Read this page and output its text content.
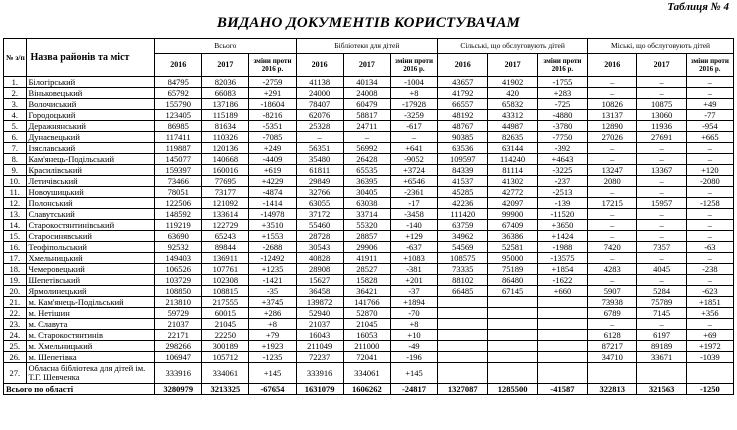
Таблиця № 4
ВИДАНО ДОКУМЕНТІВ КОРИСТУВАЧАМ
№ з/п	Назва районів та міст	Всього			Бібліотеки для дітей			Сільські, що обслуговують дітей			Міські, що обслуговують дітей		
		2016	2017	зміни проти 2016 р.	2016	2017	зміни проти 2016 р.	2016	2017	зміни проти 2016 р.	2016	2017	зміни проти 2016 р.
1.	Білогірський	84795	82036	-2759	41138	40134	-1004	43657	41902	-1755	–	–	–
2.	Віньковецький	65792	66083	+291	24000	24008	+8	41792	420	+283	–	–	–
3.	Волочиський	155790	137186	-18604	78407	60479	-17928	66557	65832	-725	10826	10875	+49
4.	Городоцький	123405	115189	-8216	62076	58817	-3259	48192	43312	-4880	13137	13060	-77
5.	Деражнянський	86985	81634	-5351	25328	24711	-617	48767	44987	-3780	12890	11936	-954
6.	Дунаєвецький	117411	110326	-7085	–	–	–	90385	82635	-7750	27026	27691	+665
7.	Ізяславський	119887	120136	+249	56351	56992	+641	63536	63144	-392	–	–	–
8.	Кам'янець-Подільський	145077	140668	-4409	35480	26428	-9052	109597	114240	+4643	–	–	–
9.	Красилівський	159397	160016	+619	61811	65535	+3724	84339	81114	-3225	13247	13367	+120
10.	Летичівський	73466	77695	+4229	29849	36395	+6546	41537	41302	-237	2080	–	-2080
11.	Новоушицький	78051	73177	-4874	32766	30405	-2361	45285	42772	-2513	–	–	–
12.	Полонський	122506	121092	-1414	63055	63038	-17	42236	42097	-139	17215	15957	-1258
13.	Славутський	148592	133614	-14978	37172	33714	-3458	111420	99900	-11520	–	–	–
14.	Старокостянтинівський	119219	122729	+3510	55460	55320	-140	63759	67409	+3650	–	–	–
15.	Старосинявський	63690	65243	+1553	28728	28857	+129	34962	36386	+1424	–	–	–
16.	Теофіпольський	92532	89844	-2688	30543	29906	-637	54569	52581	-1988	7420	7357	-63
17.	Хмельницький	149403	136911	-12492	40828	41911	+1083	108575	95000	-13575	–	–	–
18.	Чемеровецький	106526	107761	+1235	28908	28527	-381	73335	75189	+1854	4283	4045	-238
19.	Шепетівський	103729	102308	-1421	15627	15828	+201	88102	86480	-1622	–	–	–
20.	Ярмолинецький	108850	108815	-35	36458	36421	-37	66485	67145	+660	5907	5284	-623
21.	м. Кам'янець-Подільський	213810	217555	+3745	139872	141766	+1894				73938	75789	+1851
22.	м. Нетішин	59729	60015	+286	52940	52870	-70				6789	7145	+356
23.	м. Славута	21037	21045	+8	21037	21045	+8				–	–	–
24.	м. Старокостянтинів	22171	22250	+79	16043	16053	+10				6128	6197	+69
25.	м. Хмельницький	298266	300189	+1923	211049	211000	-49				87217	89189	+1972
26.	м. Шепетівка	106947	105712	-1235	72237	72041	-196				34710	33671	-1039
27.	Обласна бібліотека для дітей ім. Т.Г. Шевченка	333916	334061	+145	333916	334061	+145						
Всього по області		3280979	3213325	-67654	1631079	1606262	-24817	1327087	1285500	-41587	322813	321563	-1250
